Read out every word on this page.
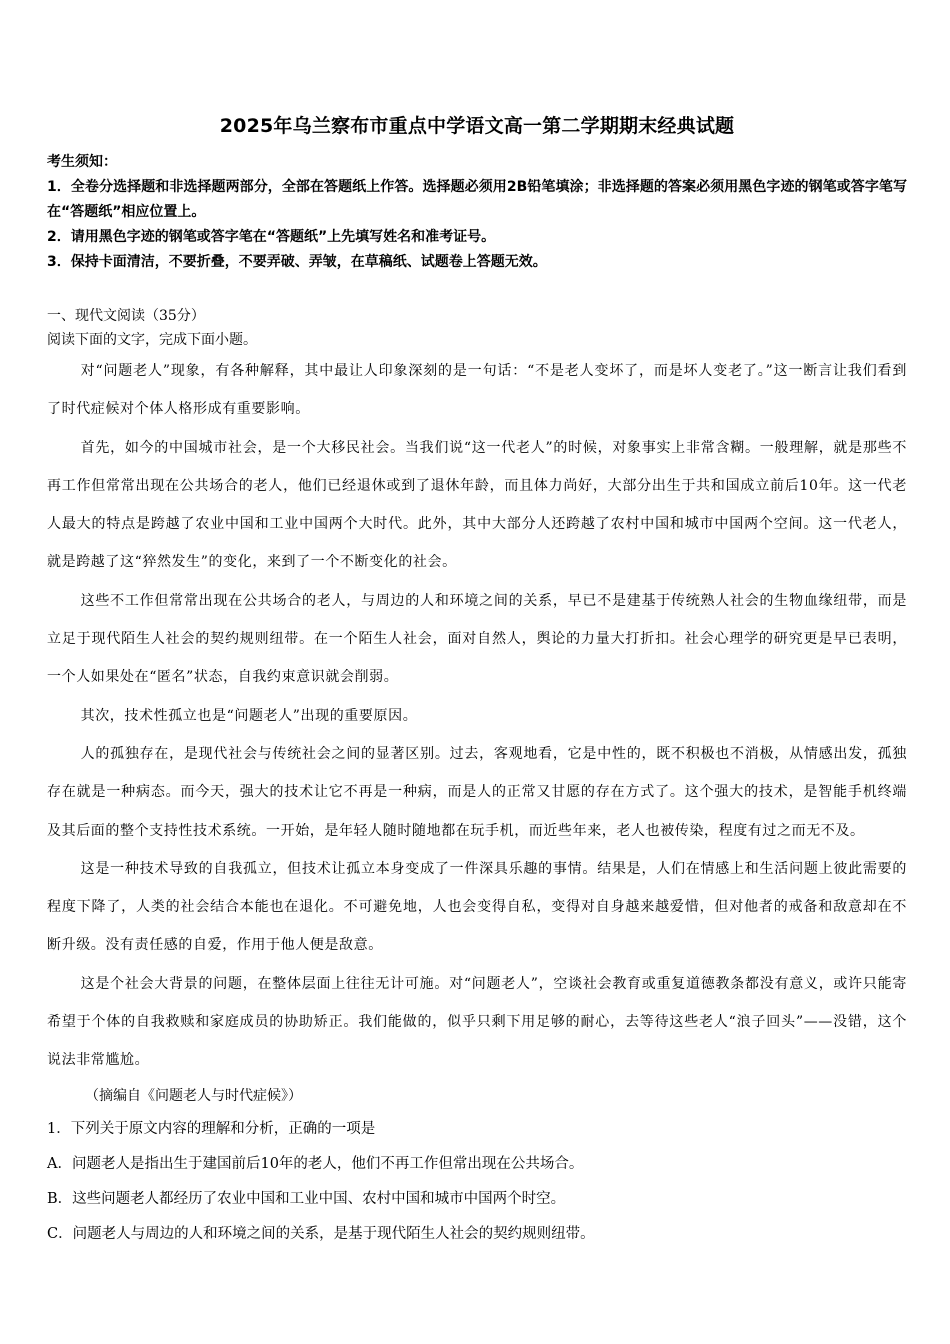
2025年乌兰察布市重点中学语文高一第二学期期末经典试题

考生须知：

1．全卷分选择题和非选择题两部分，全部在答题纸上作答。选择题必须用2B铅笔填涂；非选择题的答案必须用黑色字迹的钢笔或答字笔写在“答题纸”相应位置上。

2．请用黑色字迹的钢笔或答字笔在“答题纸”上先填写姓名和准考证号。

3．保持卡面清洁，不要折叠，不要弄破、弄皱，在草稿纸、试题卷上答题无效。

一、现代文阅读（35分）

阅读下面的文字，完成下面小题。

对“问题老人”现象，有各种解释，其中最让人印象深刻的是一句话：“不是老人变坏了，而是坏人变老了。”这一断言让我们看到了时代症候对个体人格形成有重要影响。

首先，如今的中国城市社会，是一个大移民社会。当我们说“这一代老人”的时候，对象事实上非常含糊。一般理解，就是那些不再工作但常常出现在公共场合的老人，他们已经退休或到了退休年龄，而且体力尚好，大部分出生于共和国成立前后10年。这一代老人最大的特点是跨越了农业中国和工业中国两个大时代。此外，其中大部分人还跨越了农村中国和城市中国两个空间。这一代老人，就是跨越了这“猝然发生”的变化，来到了一个不断变化的社会。

这些不工作但常常出现在公共场合的老人，与周边的人和环境之间的关系，早已不是建基于传统熟人社会的生物血缘纽带，而是立足于现代陌生人社会的契约规则纽带。在一个陌生人社会，面对自然人，舆论的力量大打折扣。社会心理学的研究更是早已表明，一个人如果处在“匿名”状态，自我约束意识就会削弱。

其次，技术性孤立也是“问题老人”出现的重要原因。

人的孤独存在，是现代社会与传统社会之间的显著区别。过去，客观地看，它是中性的，既不积极也不消极，从情感出发，孤独存在就是一种病态。而今天，强大的技术让它不再是一种病，而是人的正常又甘愿的存在方式了。这个强大的技术，是智能手机终端及其后面的整个支持性技术系统。一开始，是年轻人随时随地都在玩手机，而近些年来，老人也被传染，程度有过之而无不及。

这是一种技术导致的自我孤立，但技术让孤立本身变成了一件深具乐趣的事情。结果是，人们在情感上和生活问题上彼此需要的程度下降了，人类的社会结合本能也在退化。不可避免地，人也会变得自私，变得对自身越来越爱惜，但对他者的戒备和敌意却在不断升级。没有责任感的自爱，作用于他人便是敌意。

这是个社会大背景的问题，在整体层面上往往无计可施。对“问题老人”，空谈社会教育或重复道德教条都没有意义，或许只能寄希望于个体的自我救赎和家庭成员的协助矫正。我们能做的，似乎只剩下用足够的耐心，去等待这些老人“浪子回头”——没错，这个说法非常尴尬。

（摘编自《问题老人与时代症候》）

1．下列关于原文内容的理解和分析，正确的一项是

A．问题老人是指出生于建国前后10年的老人，他们不再工作但常出现在公共场合。

B．这些问题老人都经历了农业中国和工业中国、农村中国和城市中国两个时空。

C．问题老人与周边的人和环境之间的关系，是基于现代陌生人社会的契约规则纽带。
